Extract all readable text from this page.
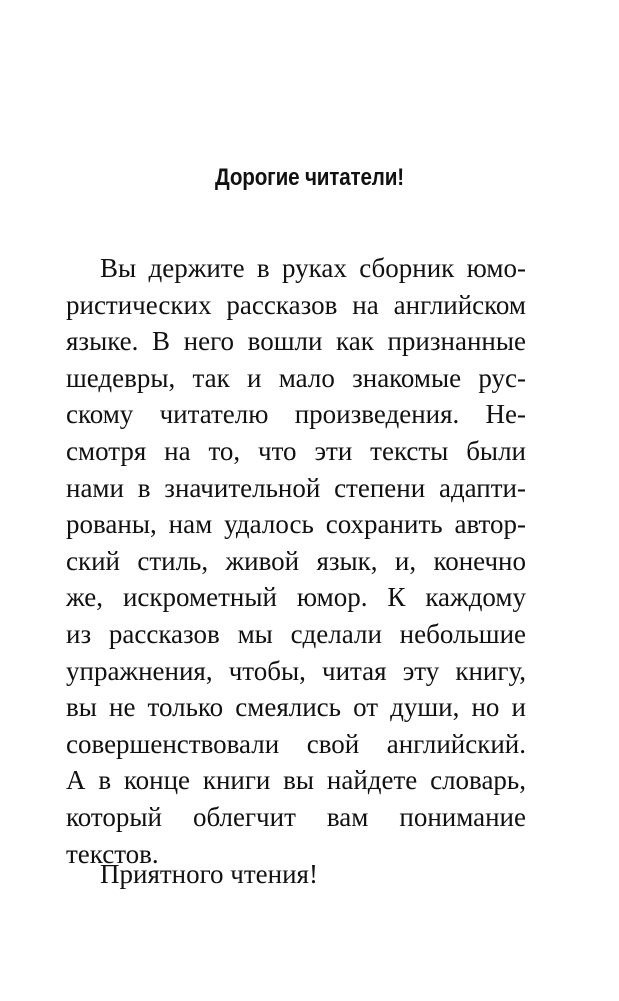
Дорогие читатели!
Вы держите в руках сборник юмо-
ристических рассказов на английском
языке. В него вошли как признанные
шедевры, так и мало знакомые рус-
скому читателю произведения. Не-
смотря на то, что эти тексты были
нами в значительной степени адапти-
рованы, нам удалось сохранить автор-
ский стиль, живой язык, и, конечно
же, искрометный юмор. К каждому
из рассказов мы сделали небольшие
упражнения, чтобы, читая эту книгу,
вы не только смеялись от души, но и
совершенствовали свой английский.
А в конце книги вы найдете словарь,
который облегчит вам понимание
текстов.
Приятного чтения!
